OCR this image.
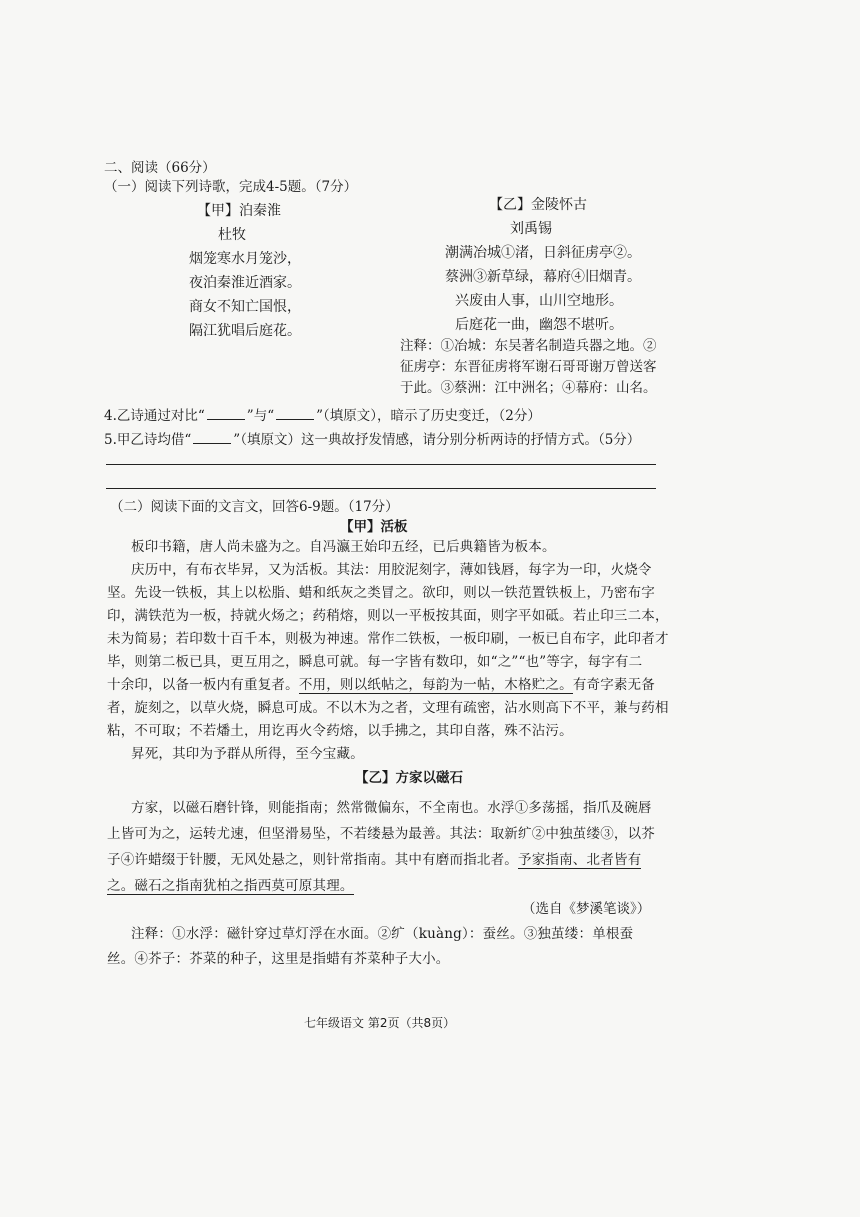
二、阅读（66分）
（一）阅读下列诗歌，完成4-5题。（7分）
【甲】泊秦淮
杜牧
烟笼寒水月笼沙，
夜泊秦淮近酒家。
商女不知亡国恨，
隔江犹唱后庭花。
【乙】金陵怀古
刘禹锡
潮满冶城①渚，日斜征虏亭②。
蔡洲③新草绿，幕府④旧烟青。
兴废由人事，山川空地形。
后庭花一曲，幽怨不堪听。
注释：①冶城：东吴著名制造兵器之地。②
征虏亭：东晋征虏将军谢石哥哥谢万曾送客
于此。③蔡洲：江中洲名；④幕府：山名。
4.乙诗通过对比“	”与“	”（填原文），暗示了历史变迁，（2分）
5.甲乙诗均借“	”（填原文）这一典故抒发情感，请分别分析两诗的抒情方式。（5分）
（二）阅读下面的文言文，回答6-9题。（17分）
【甲】活板
板印书籍，唐人尚未盛为之。自冯瀛王始印五经，已后典籍皆为板本。
庆历中，有布衣毕昇，又为活板。其法：用胶泥刻字，薄如钱唇，每字为一印，火烧令
坚。先设一铁板，其上以松脂、蜡和纸灰之类冒之。欲印，则以一铁范置铁板上，乃密布字
印，满铁范为一板，持就火炀之；药稍熔，则以一平板按其面，则字平如砥。若止印三二本，
未为简易；若印数十百千本，则极为神速。常作二铁板，一板印刷，一板已自布字，此印者才
毕，则第二板已具，更互用之，瞬息可就。每一字皆有数印，如“之”“也”等字，每字有二
十余印，以备一板内有重复者。不用，则以纸帖之，每韵为一帖，木格贮之。有奇字素无备
者，旋刻之，以草火烧，瞬息可成。不以木为之者，文理有疏密，沾水则高下不平，兼与药相
粘，不可取；不若燔土，用讫再火令药熔，以手拂之，其印自落，殊不沾污。
昇死，其印为予群从所得，至今宝藏。
【乙】方家以磁石
方家，以磁石磨针锋，则能指南；然常微偏东，不全南也。水浮①多荡摇，指爪及碗唇
上皆可为之，运转尤速，但坚滑易坠，不若缕悬为最善。其法：取新纩②中独茧缕③，以芥
子④许蜡缀于针腰，无风处悬之，则针常指南。其中有磨而指北者。予家指南、北者皆有
之。磁石之指南犹柏之指西莫可原其理。
（选自《梦溪笔谈》）
注释：①水浮：磁针穿过草灯浮在水面。②纩（kuàng）：蚕丝。③独茧缕：单根蚕
丝。④芥子：芥菜的种子，这里是指蜡有芥菜种子大小。
七年级语文 第2页（共8页）
